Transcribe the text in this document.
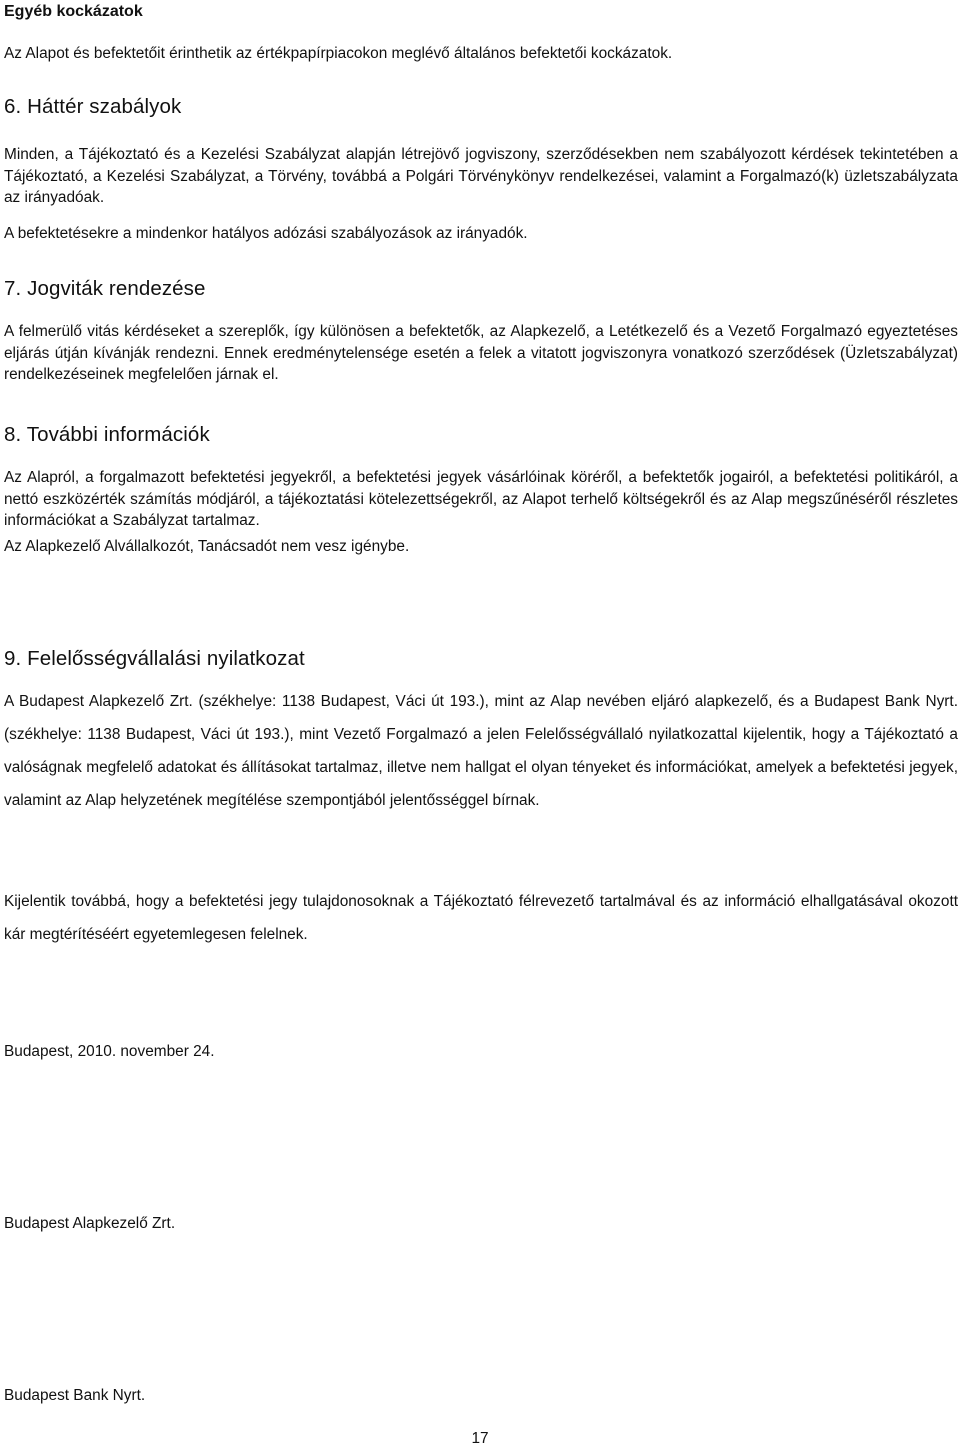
Egyéb kockázatok

Az Alapot és befektetőit érinthetik az értékpapírpiacokon meglévő általános befektetői kockázatok.

6. Háttér szabályok

Minden, a Tájékoztató és a Kezelési Szabályzat alapján létrejövő jogviszony, szerződésekben nem szabályozott kérdések tekintetében a Tájékoztató, a Kezelési Szabályzat, a Törvény, továbbá a Polgári Törvénykönyv rendelkezései, valamint a Forgalmazó(k) üzletszabályzata az irányadóak.

A befektetésekre a mindenkor hatályos adózási szabályozások az irányadók.

7. Jogviták rendezése

A felmerülő vitás kérdéseket a szereplők, így különösen a befektetők, az Alapkezelő, a Letétkezelő és a Vezető Forgalmazó egyeztetéses eljárás útján kívánják rendezni. Ennek eredménytelensége esetén a felek a vitatott jogviszonyra vonatkozó szerződések (Üzletszabályzat) rendelkezéseinek megfelelően járnak el.

8. További információk

Az Alapról, a forgalmazott befektetési jegyekről, a befektetési jegyek vásárlóinak köréről, a befektetők jogairól, a befektetési politikáról, a nettó eszközérték számítás módjáról, a tájékoztatási kötelezettségekről, az Alapot terhelő költségekről és az Alap megszűnéséről részletes információkat a Szabályzat tartalmaz.

Az Alapkezelő Alvállalkozót, Tanácsadót nem vesz igénybe.

9. Felelősségvállalási nyilatkozat

A Budapest Alapkezelő Zrt. (székhelye: 1138 Budapest, Váci út 193.), mint az Alap nevében eljáró alapkezelő, és a Budapest Bank Nyrt. (székhelye: 1138 Budapest, Váci út 193.), mint Vezető Forgalmazó a jelen Felelősségvállaló nyilatkozattal kijelentik, hogy a Tájékoztató a valóságnak megfelelő adatokat és állításokat tartalmaz, illetve nem hallgat el olyan tényeket és információkat, amelyek a befektetési jegyek, valamint az Alap helyzetének megítélése szempontjából jelentősséggel bírnak.

Kijelentik továbbá, hogy a befektetési jegy tulajdonosoknak a Tájékoztató félrevezető tartalmával és az információ elhallgatásával okozott kár megtérítéséért egyetemlegesen felelnek.

Budapest, 2010. november 24.

Budapest Alapkezelő Zrt.

Budapest Bank Nyrt.

17
